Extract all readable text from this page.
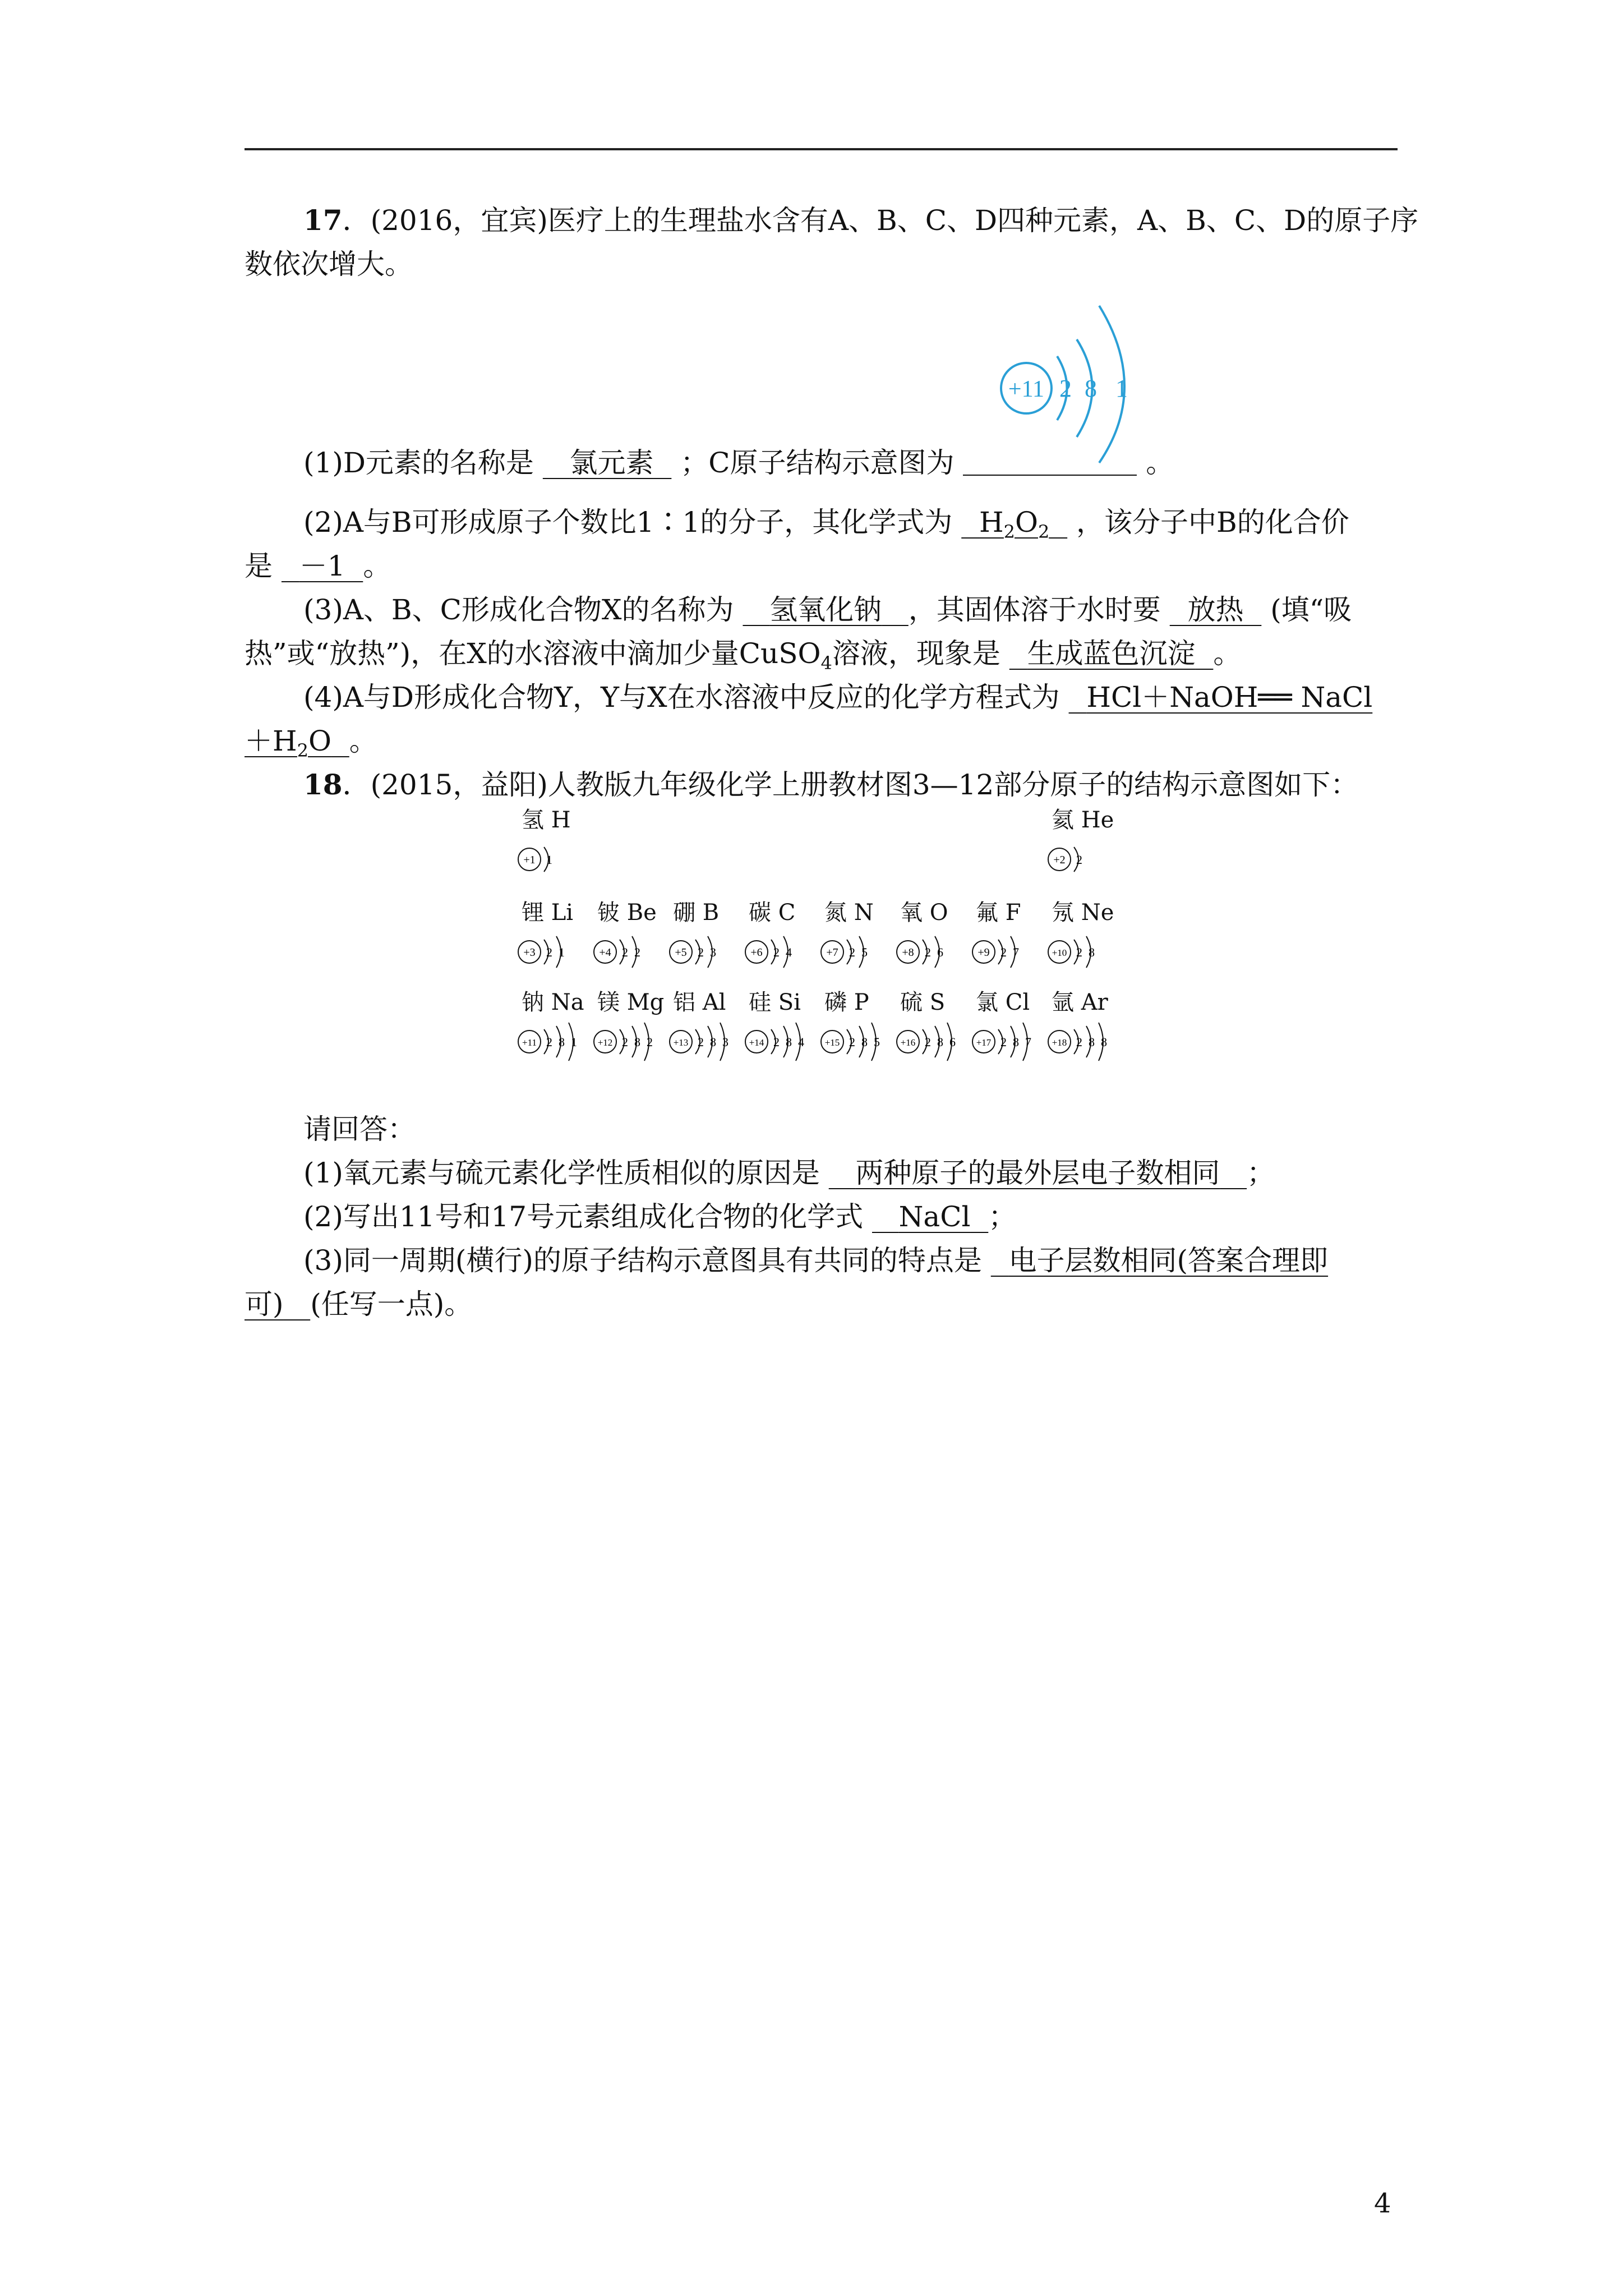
17．(2016，宜宾)医疗上的生理盐水含有A、B、C、D四种元素，A、B、C、D的原子序
数依次增大。
+11 2 8 1
(1)D元素的名称是 氯元素 ；C原子结构示意图为	。
(2)A与B可形成原子个数比1∶1的分子，其化学式为 $H_2O_2$ ，该分子中B的化合价
是 －1 。
(3)A、B、C形成化合物X的名称为 氢氧化钠 ，其固体溶于水时要 放热 (填“吸
热”或“放热”)，在X的水溶液中滴加少量CuSO$_4$溶液，现象是 生成蓝色沉淀 。
(4)A与D形成化合物Y，Y与X在水溶液中反应的化学方程式为 HCl＋NaOH══ NaCl
$+H_2O$ 。
18．(2015，益阳)人教版九年级化学上册教材图3—12部分原子的结构示意图如下：
氢 H
+1 1
氦 He
+2 2
锂 Li
+3 2 1
铍 Be
+4 2 2
硼 B
+5 2 3
碳 C
+6 2 4
氮 N
+7 2 5
氧 O
+8 2 6
氟 F
+9 2 7
氖 Ne
+10 2 8
钠 Na
+11 2 8 1
镁 Mg
+12 2 8 2
铝 Al
+13 2 8 3
硅 Si
+14 2 8 4
磷 P
+15 2 8 5
硫 S
+16 2 8 6
氯 Cl
+17 2 8 7
氩 Ar
+18 2 8 8
请回答：
(1)氧元素与硫元素化学性质相似的原因是 两种原子的最外层电子数相同 ；
(2)写出11号和17号元素组成化合物的化学式 NaCl ；
(3)同一周期(横行)的原子结构示意图具有共同的特点是 电子层数相同(答案合理即
可) (任写一点)。
4
